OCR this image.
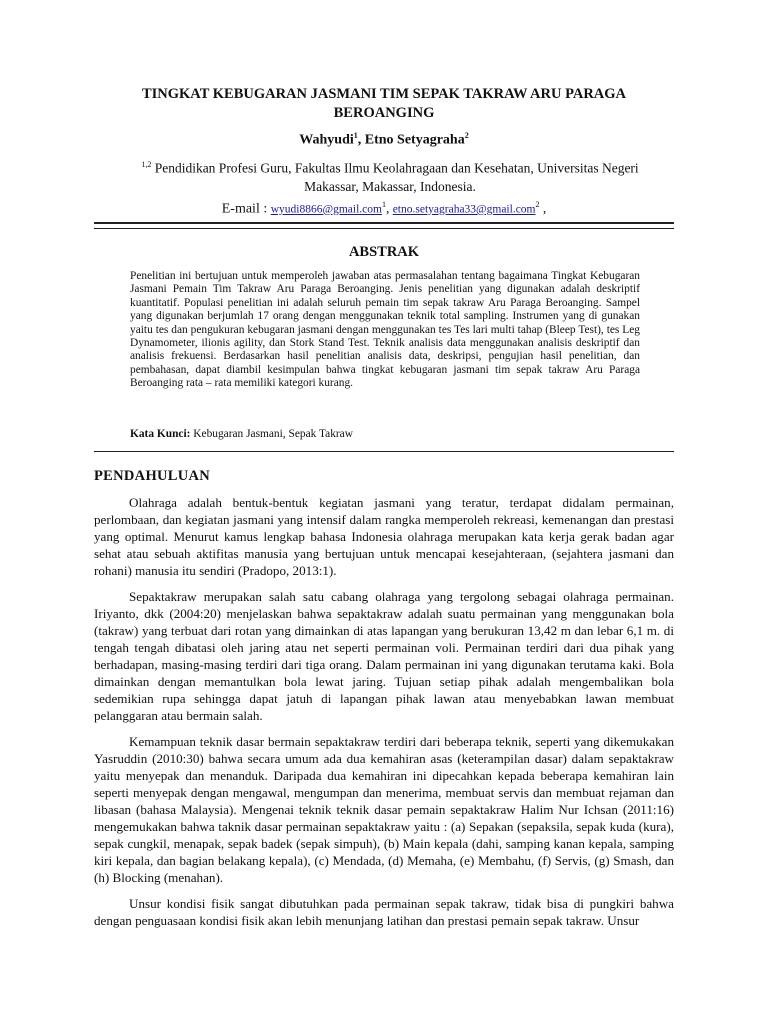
TINGKAT KEBUGARAN JASMANI TIM SEPAK TAKRAW ARU PARAGA BEROANGING
Wahyudi$^1$, Etno Setyagraha$^2$
$^{1,2}$ Pendidikan Profesi Guru, Fakultas Ilmu Keolahragaan dan Kesehatan, Universitas Negeri Makassar, Makassar, Indonesia.
E-mail : wyudi8866@gmail.com$^1$, etno.setyagraha33@gmail.com$^2$ ,
ABSTRAK
Penelitian ini bertujuan untuk memperoleh jawaban atas permasalahan tentang bagaimana Tingkat Kebugaran Jasmani Pemain Tim Takraw Aru Paraga Beroanging. Jenis penelitian yang digunakan adalah deskriptif kuantitatif. Populasi penelitian ini adalah seluruh pemain tim sepak takraw Aru Paraga Beroanging. Sampel yang digunakan berjumlah 17 orang dengan menggunakan teknik total sampling. Instrumen yang di gunakan yaitu tes dan pengukuran kebugaran jasmani dengan menggunakan tes Tes lari multi tahap (Bleep Test), tes Leg Dynamometer, ilionis agility, dan Stork Stand Test. Teknik analisis data menggunakan analisis deskriptif dan analisis frekuensi. Berdasarkan hasil penelitian analisis data, deskripsi, pengujian hasil penelitian, dan pembahasan, dapat diambil kesimpulan bahwa tingkat kebugaran jasmani tim sepak takraw Aru Paraga Beroanging rata – rata memiliki kategori kurang.
Kata Kunci: Kebugaran Jasmani, Sepak Takraw
PENDAHULUAN
Olahraga adalah bentuk-bentuk kegiatan jasmani yang teratur, terdapat didalam permainan, perlombaan, dan kegiatan jasmani yang intensif dalam rangka memperoleh rekreasi, kemenangan dan prestasi yang optimal. Menurut kamus lengkap bahasa Indonesia olahraga merupakan kata kerja gerak badan agar sehat atau sebuah aktifitas manusia yang bertujuan untuk mencapai kesejahteraan, (sejahtera jasmani dan rohani) manusia itu sendiri (Pradopo, 2013:1).
Sepaktakraw merupakan salah satu cabang olahraga yang tergolong sebagai olahraga permainan. Iriyanto, dkk (2004:20) menjelaskan bahwa sepaktakraw adalah suatu permainan yang menggunakan bola (takraw) yang terbuat dari rotan yang dimainkan di atas lapangan yang berukuran 13,42 m dan lebar 6,1 m. di tengah tengah dibatasi oleh jaring atau net seperti permainan voli. Permainan terdiri dari dua pihak yang berhadapan, masing-masing terdiri dari tiga orang. Dalam permainan ini yang digunakan terutama kaki. Bola dimainkan dengan memantulkan bola lewat jaring. Tujuan setiap pihak adalah mengembalikan bola sedemikian rupa sehingga dapat jatuh di lapangan pihak lawan atau menyebabkan lawan membuat pelanggaran atau bermain salah.
Kemampuan teknik dasar bermain sepaktakraw terdiri dari beberapa teknik, seperti yang dikemukakan Yasruddin (2010:30) bahwa secara umum ada dua kemahiran asas (keterampilan dasar) dalam sepaktakraw yaitu menyepak dan menanduk. Daripada dua kemahiran ini dipecahkan kepada beberapa kemahiran lain seperti menyepak dengan mengawal, mengumpan dan menerima, membuat servis dan membuat rejaman dan libasan (bahasa Malaysia). Mengenai teknik teknik dasar pemain sepaktakraw Halim Nur Ichsan (2011:16) mengemukakan bahwa taknik dasar permainan sepaktakraw yaitu : (a) Sepakan (sepaksila, sepak kuda (kura), sepak cungkil, menapak, sepak badek (sepak simpuh), (b) Main kepala (dahi, samping kanan kepala, samping kiri kepala, dan bagian belakang kepala), (c) Mendada, (d) Memaha, (e) Membahu, (f) Servis, (g) Smash, dan (h) Blocking (menahan).
Unsur kondisi fisik sangat dibutuhkan pada permainan sepak takraw, tidak bisa di pungkiri bahwa dengan penguasaan kondisi fisik akan lebih menunjang latihan dan prestasi pemain sepak takraw. Unsur
